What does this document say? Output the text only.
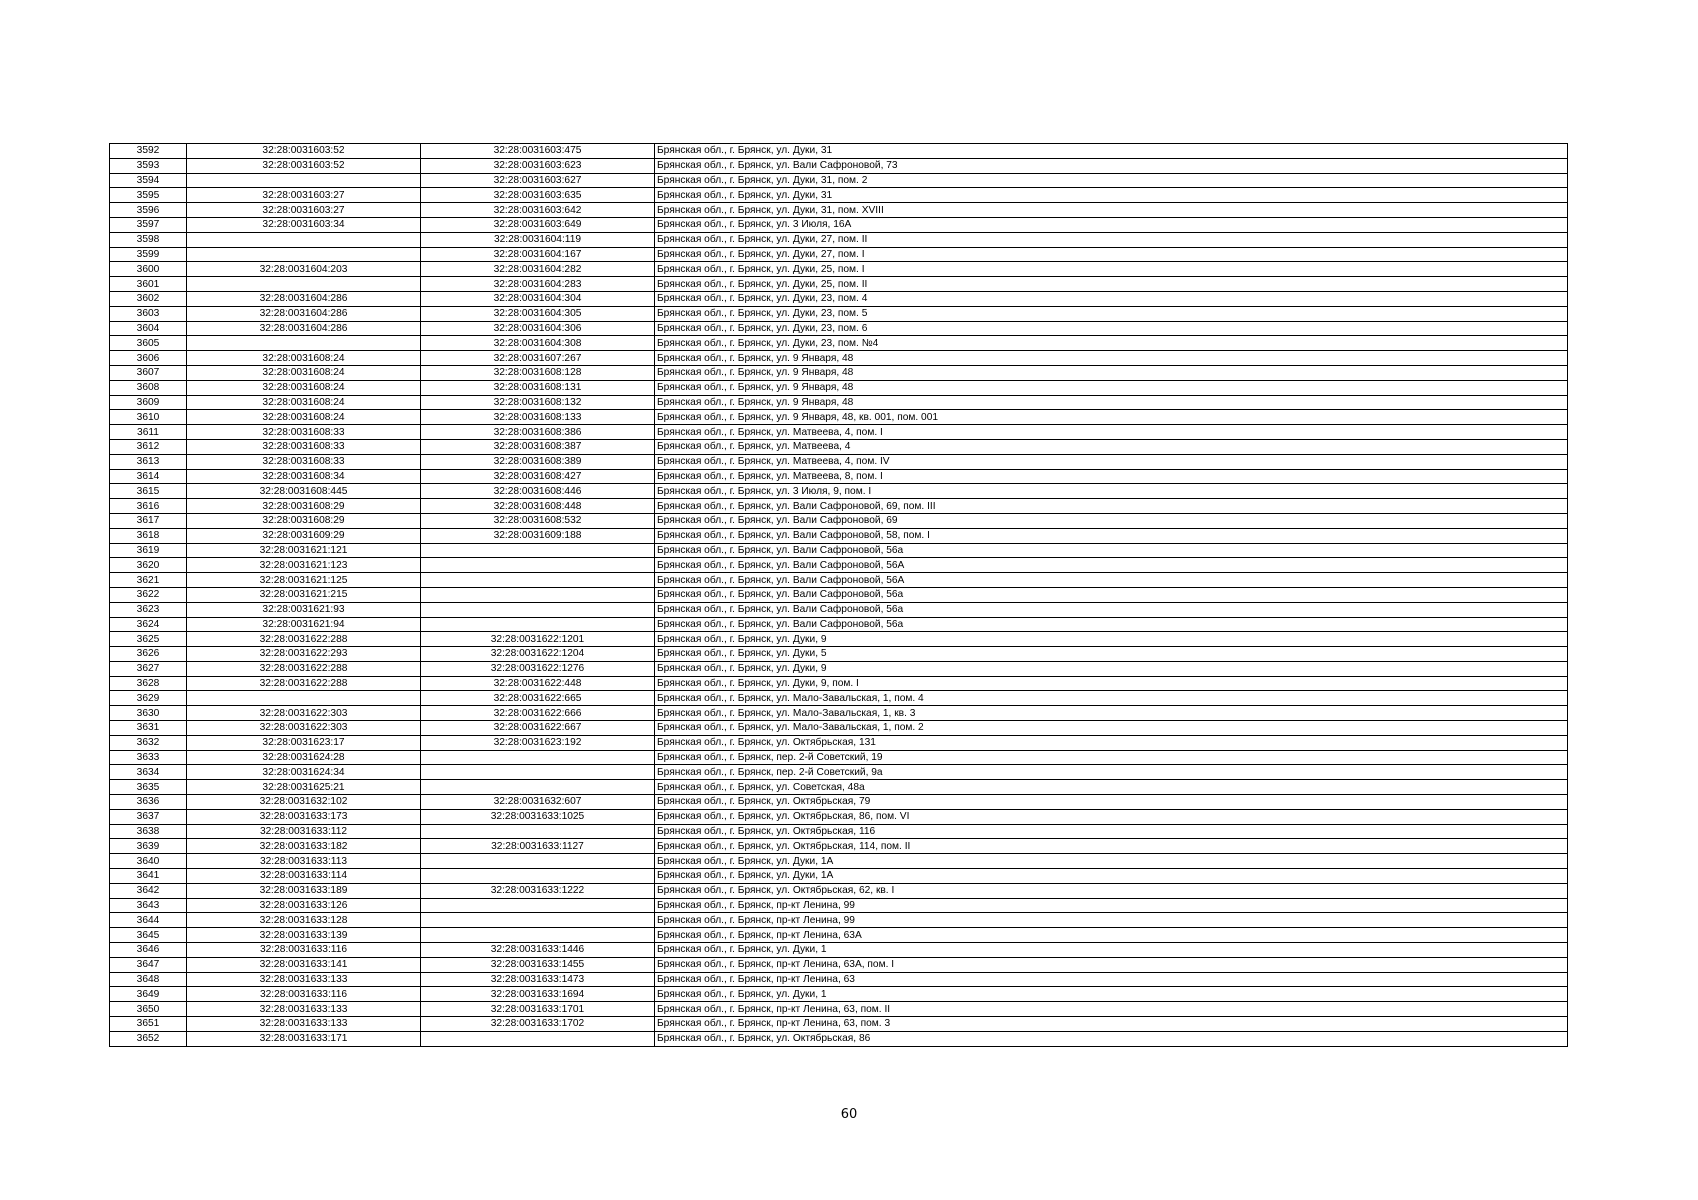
3592	32:28:0031603:52	32:28:0031603:475	Брянская обл., г. Брянск, ул. Дуки, 31
3593	32:28:0031603:52	32:28:0031603:623	Брянская обл., г. Брянск, ул. Вали Сафроновой, 73
3594		32:28:0031603:627	Брянская обл., г. Брянск, ул. Дуки, 31, пом. 2
3595	32:28:0031603:27	32:28:0031603:635	Брянская обл., г. Брянск, ул. Дуки, 31
3596	32:28:0031603:27	32:28:0031603:642	Брянская обл., г. Брянск, ул. Дуки, 31, пом. XVIII
3597	32:28:0031603:34	32:28:0031603:649	Брянская обл., г. Брянск, ул. 3 Июля, 16А
3598		32:28:0031604:119	Брянская обл., г. Брянск, ул. Дуки, 27, пом. II
3599		32:28:0031604:167	Брянская обл., г. Брянск, ул. Дуки, 27, пом. I
3600	32:28:0031604:203	32:28:0031604:282	Брянская обл., г. Брянск, ул. Дуки, 25, пом. I
3601		32:28:0031604:283	Брянская обл., г. Брянск, ул. Дуки, 25, пом. II
3602	32:28:0031604:286	32:28:0031604:304	Брянская обл., г. Брянск, ул. Дуки, 23, пом. 4
3603	32:28:0031604:286	32:28:0031604:305	Брянская обл., г. Брянск, ул. Дуки, 23, пом. 5
3604	32:28:0031604:286	32:28:0031604:306	Брянская обл., г. Брянск, ул. Дуки, 23, пом. 6
3605		32:28:0031604:308	Брянская обл., г. Брянск, ул. Дуки, 23, пом. №4
3606	32:28:0031608:24	32:28:0031607:267	Брянская обл., г. Брянск, ул. 9 Января, 48
3607	32:28:0031608:24	32:28:0031608:128	Брянская обл., г. Брянск, ул. 9 Января, 48
3608	32:28:0031608:24	32:28:0031608:131	Брянская обл., г. Брянск, ул. 9 Января, 48
3609	32:28:0031608:24	32:28:0031608:132	Брянская обл., г. Брянск, ул. 9 Января, 48
3610	32:28:0031608:24	32:28:0031608:133	Брянская обл., г. Брянск, ул. 9 Января, 48, кв. 001, пом. 001
3611	32:28:0031608:33	32:28:0031608:386	Брянская обл., г. Брянск, ул. Матвеева, 4, пом. I
3612	32:28:0031608:33	32:28:0031608:387	Брянская обл., г. Брянск, ул. Матвеева, 4
3613	32:28:0031608:33	32:28:0031608:389	Брянская обл., г. Брянск, ул. Матвеева, 4, пом. IV
3614	32:28:0031608:34	32:28:0031608:427	Брянская обл., г. Брянск, ул. Матвеева, 8, пом. I
3615	32:28:0031608:445	32:28:0031608:446	Брянская обл., г. Брянск, ул. 3 Июля, 9, пом. I
3616	32:28:0031608:29	32:28:0031608:448	Брянская обл., г. Брянск, ул. Вали Сафроновой, 69, пом. III
3617	32:28:0031608:29	32:28:0031608:532	Брянская обл., г. Брянск, ул. Вали Сафроновой, 69
3618	32:28:0031609:29	32:28:0031609:188	Брянская обл., г. Брянск, ул. Вали Сафроновой, 58, пом. I
3619	32:28:0031621:121		Брянская обл., г. Брянск, ул. Вали Сафроновой, 56а
3620	32:28:0031621:123		Брянская обл., г. Брянск, ул. Вали Сафроновой, 56А
3621	32:28:0031621:125		Брянская обл., г. Брянск, ул. Вали Сафроновой, 56А
3622	32:28:0031621:215		Брянская обл., г. Брянск, ул. Вали Сафроновой, 56а
3623	32:28:0031621:93		Брянская обл., г. Брянск, ул. Вали Сафроновой, 56а
3624	32:28:0031621:94		Брянская обл., г. Брянск, ул. Вали Сафроновой, 56а
3625	32:28:0031622:288	32:28:0031622:1201	Брянская обл., г. Брянск, ул. Дуки, 9
3626	32:28:0031622:293	32:28:0031622:1204	Брянская обл., г. Брянск, ул. Дуки, 5
3627	32:28:0031622:288	32:28:0031622:1276	Брянская обл., г. Брянск, ул. Дуки, 9
3628	32:28:0031622:288	32:28:0031622:448	Брянская обл., г. Брянск, ул. Дуки, 9, пом. I
3629		32:28:0031622:665	Брянская обл., г. Брянск, ул. Мало-Завальская, 1, пом. 4
3630	32:28:0031622:303	32:28:0031622:666	Брянская обл., г. Брянск, ул. Мало-Завальская, 1, кв. 3
3631	32:28:0031622:303	32:28:0031622:667	Брянская обл., г. Брянск, ул. Мало-Завальская, 1, пом. 2
3632	32:28:0031623:17	32:28:0031623:192	Брянская обл., г. Брянск, ул. Октябрьская, 131
3633	32:28:0031624:28		Брянская обл., г. Брянск, пер. 2-й Советский, 19
3634	32:28:0031624:34		Брянская обл., г. Брянск, пер. 2-й Советский, 9а
3635	32:28:0031625:21		Брянская обл., г. Брянск, ул. Советская, 48а
3636	32:28:0031632:102	32:28:0031632:607	Брянская обл., г. Брянск, ул. Октябрьская, 79
3637	32:28:0031633:173	32:28:0031633:1025	Брянская обл., г. Брянск, ул. Октябрьская, 86, пом. VI
3638	32:28:0031633:112		Брянская обл., г. Брянск, ул. Октябрьская, 116
3639	32:28:0031633:182	32:28:0031633:1127	Брянская обл., г. Брянск, ул. Октябрьская, 114, пом. II
3640	32:28:0031633:113		Брянская обл., г. Брянск, ул. Дуки, 1А
3641	32:28:0031633:114		Брянская обл., г. Брянск, ул. Дуки, 1А
3642	32:28:0031633:189	32:28:0031633:1222	Брянская обл., г. Брянск, ул. Октябрьская, 62, кв. I
3643	32:28:0031633:126		Брянская обл., г. Брянск, пр-кт Ленина, 99
3644	32:28:0031633:128		Брянская обл., г. Брянск, пр-кт Ленина, 99
3645	32:28:0031633:139		Брянская обл., г. Брянск, пр-кт Ленина, 63А
3646	32:28:0031633:116	32:28:0031633:1446	Брянская обл., г. Брянск, ул. Дуки, 1
3647	32:28:0031633:141	32:28:0031633:1455	Брянская обл., г. Брянск, пр-кт Ленина, 63А, пом. I
3648	32:28:0031633:133	32:28:0031633:1473	Брянская обл., г. Брянск, пр-кт Ленина, 63
3649	32:28:0031633:116	32:28:0031633:1694	Брянская обл., г. Брянск, ул. Дуки, 1
3650	32:28:0031633:133	32:28:0031633:1701	Брянская обл., г. Брянск, пр-кт Ленина, 63, пом. II
3651	32:28:0031633:133	32:28:0031633:1702	Брянская обл., г. Брянск, пр-кт Ленина, 63, пом. 3
3652	32:28:0031633:171		Брянская обл., г. Брянск, ул. Октябрьская, 86
60
